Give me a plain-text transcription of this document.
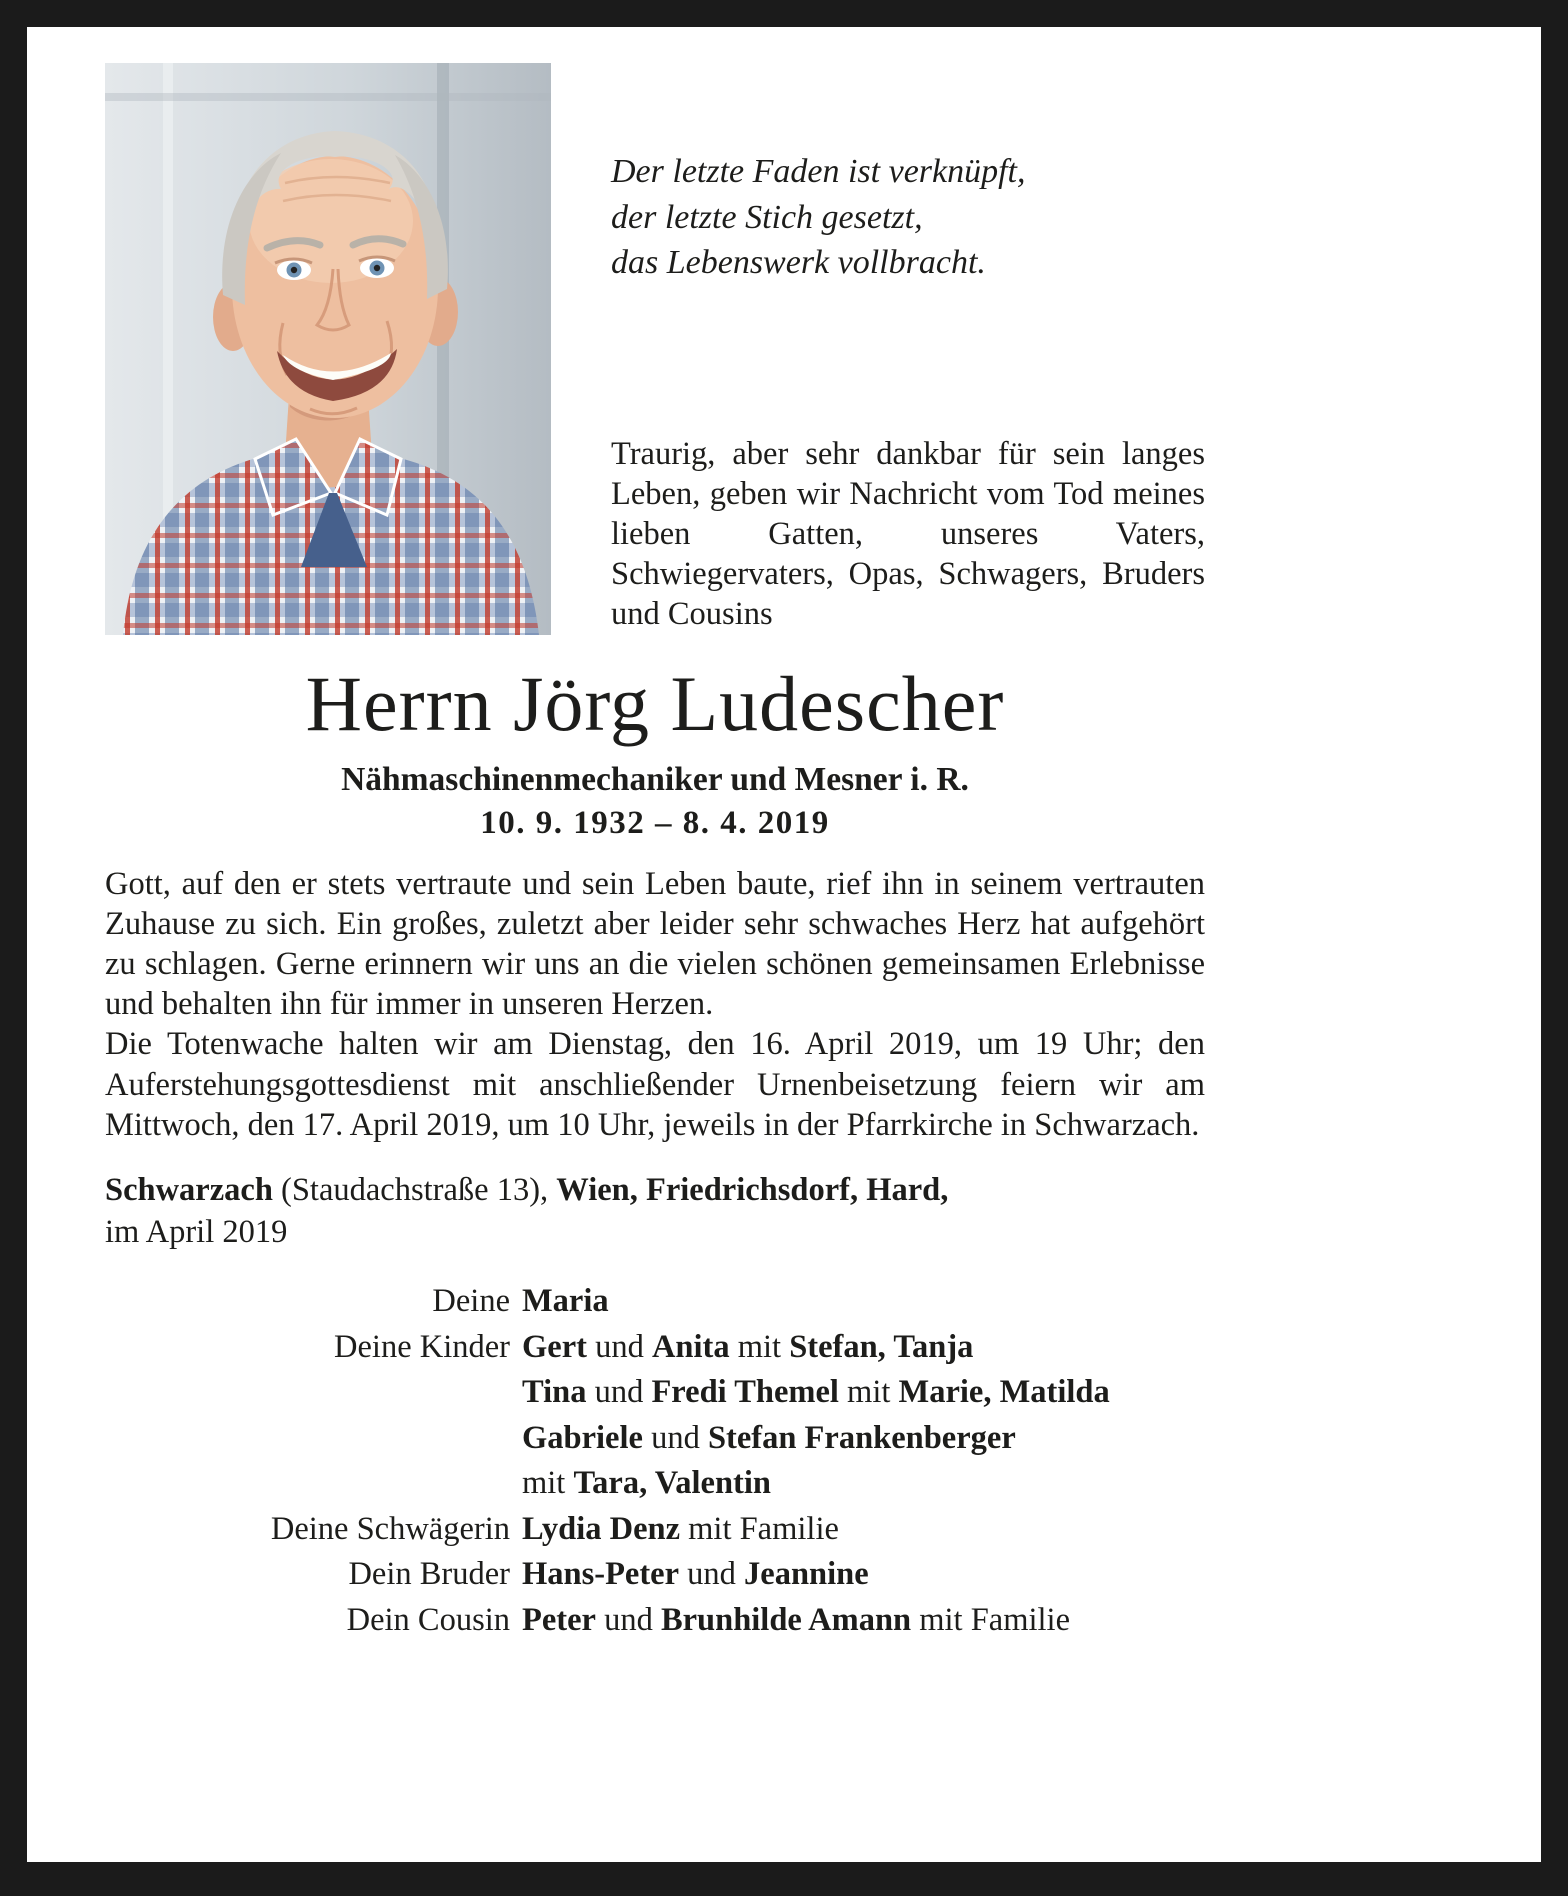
Der letzte Faden ist verknüpft,
der letzte Stich gesetzt,
das Lebenswerk vollbracht.
Traurig, aber sehr dankbar für sein langes Leben, geben wir Nachricht vom Tod meines lieben Gatten, unseres Vaters, Schwiegervaters, Opas, Schwagers, Bruders und Cousins
Herrn Jörg Ludescher
Nähmaschinenmechaniker und Mesner i. R.
10. 9. 1932 – 8. 4. 2019

Gott, auf den er stets vertraute und sein Leben baute, rief ihn in seinem vertrauten Zuhause zu sich. Ein großes, zuletzt aber leider sehr schwaches Herz hat aufgehört zu schlagen. Gerne erinnern wir uns an die vielen schönen gemeinsamen Erlebnisse und behalten ihn für immer in unseren Herzen.

Die Totenwache halten wir am Dienstag, den 16. April 2019, um 19 Uhr; den Auferstehungsgottesdienst mit anschließender Urnenbeisetzung feiern wir am Mittwoch, den 17. April 2019, um 10 Uhr, jeweils in der Pfarrkirche in Schwarzach.

Schwarzach (Staudachstraße 13), Wien, Friedrichsdorf, Hard,
im April 2019
Deine Maria
Deine Kinder Gert und Anita mit Stefan, Tanja
Tina und Fredi Themel mit Marie, Matilda
Gabriele und Stefan Frankenberger
mit Tara, Valentin
Deine Schwägerin Lydia Denz mit Familie
Dein Bruder Hans-Peter und Jeannine
Dein Cousin Peter und Brunhilde Amann mit Familie
